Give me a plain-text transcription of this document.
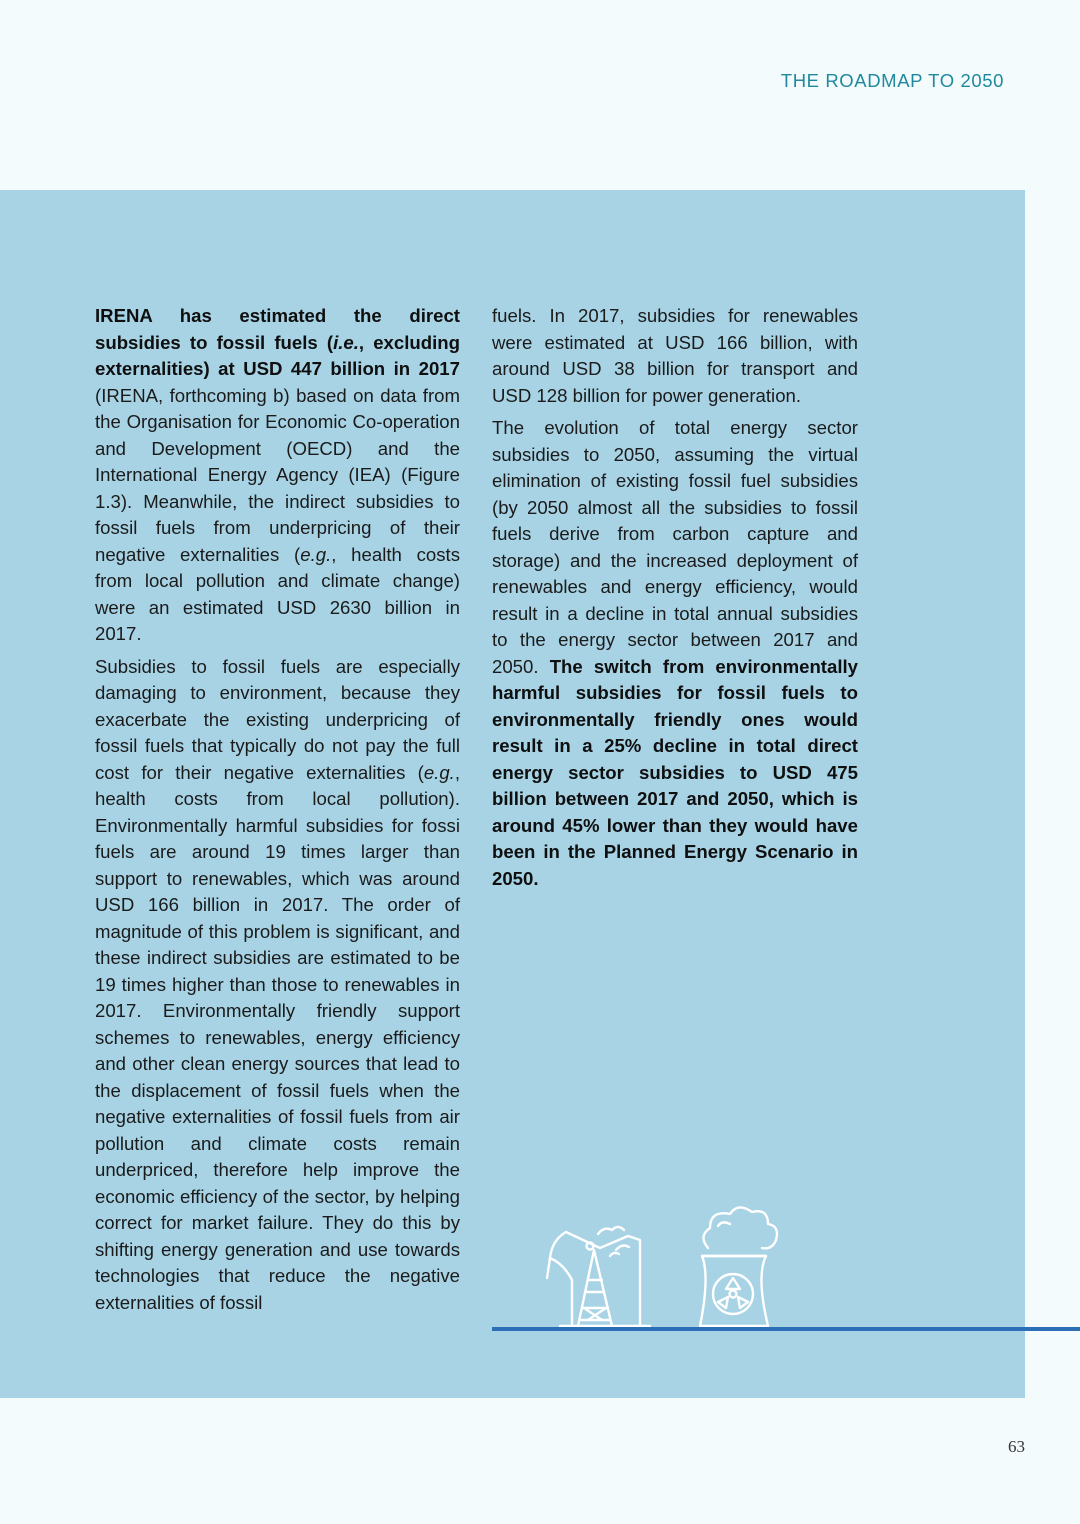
THE ROADMAP TO 2050

IRENA has estimated the direct subsidies to fossil fuels (i.e., excluding externalities) at USD 447 billion in 2017 (IRENA, forthcoming b) based on data from the Organisation for Economic Co-operation and Development (OECD) and the International Energy Agency (IEA) (Figure 1.3). Meanwhile, the indirect subsidies to fossil fuels from underpricing of their negative externalities (e.g., health costs from local pollution and climate change) were an estimated USD 2630 billion in 2017.

Subsidies to fossil fuels are especially damaging to environment, because they exacerbate the existing underpricing of fossil fuels that typically do not pay the full cost for their negative externalities (e.g., health costs from local pollution). Environmentally harmful subsidies for fossi fuels are around 19 times larger than support to renewables, which was around USD 166 billion in 2017. The order of magnitude of this problem is significant, and these indirect subsidies are estimated to be 19 times higher than those to renewables in 2017. Environmentally friendly support schemes to renewables, energy efficiency and other clean energy sources that lead to the displacement of fossil fuels when the negative externalities of fossil fuels from air pollution and climate costs remain underpriced, therefore help improve the economic efficiency of the sector, by helping correct for market failure. They do this by shifting energy generation and use towards technologies that reduce the negative externalities of fossil

fuels. In 2017, subsidies for renewables were estimated at USD 166 billion, with around USD 38 billion for transport and USD 128 billion for power generation.

The evolution of total energy sector subsidies to 2050, assuming the virtual elimination of existing fossil fuel subsidies (by 2050 almost all the subsidies to fossil fuels derive from carbon capture and storage) and the increased deployment of renewables and energy efficiency, would result in a decline in total annual subsidies to the energy sector between 2017 and 2050. The switch from environmentally harmful subsidies for fossil fuels to environmentally friendly ones would result in a 25% decline in total direct energy sector subsidies to USD 475 billion between 2017 and 2050, which is around 45% lower than they would have been in the Planned Energy Scenario in 2050.

63
